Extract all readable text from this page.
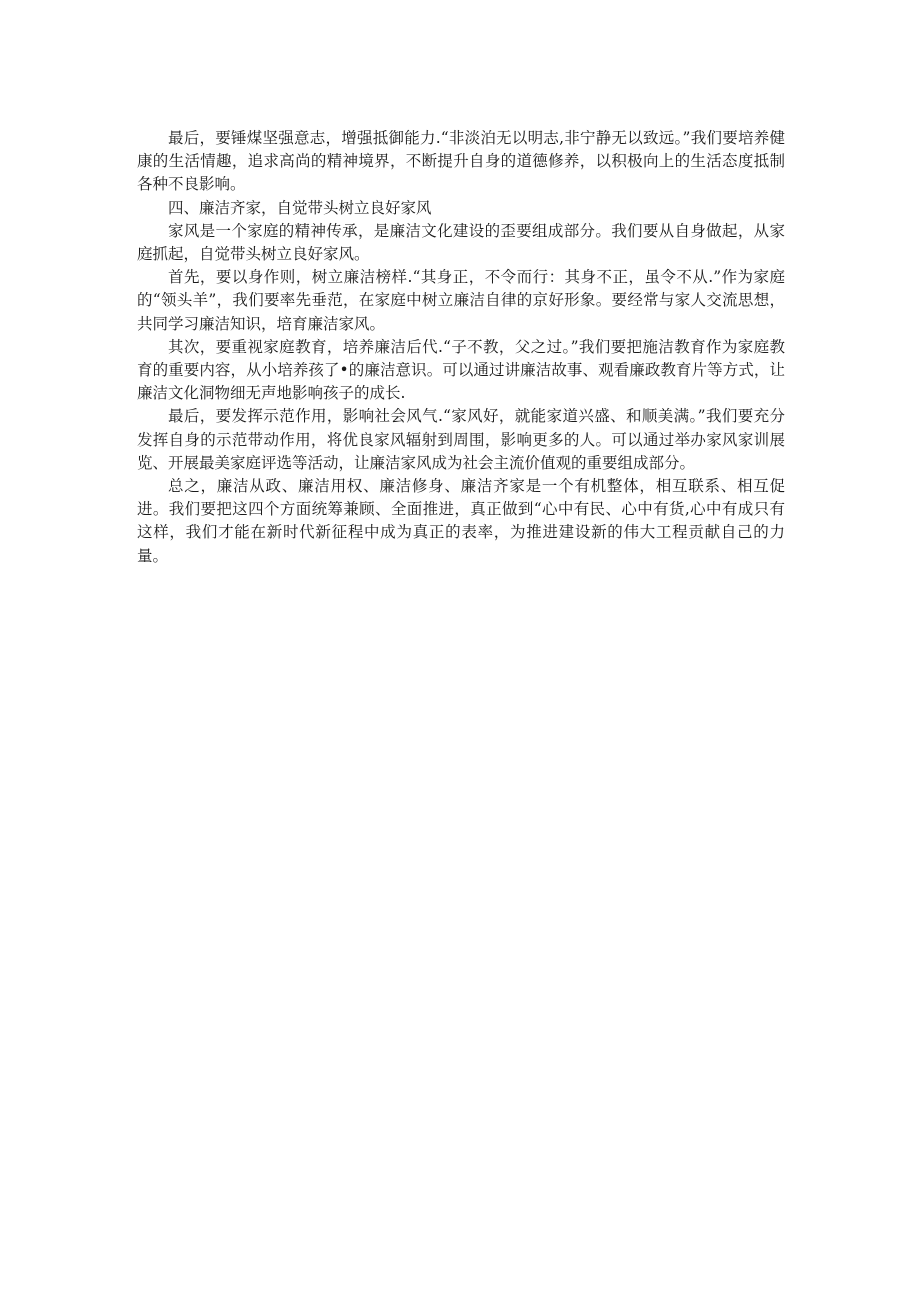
最后，要锤煤坚强意志，增强抵御能力.“非淡泊无以明志,非宁静无以致远。”我们要培养健康的生活情趣，追求高尚的精神境界，不断提升自身的道德修养，以积极向上的生活态度抵制各种不良影响。

四、廉洁齐家，自觉带头树立良好家风

家风是一个家庭的精神传承，是廉洁文化建设的歪要组成部分。我们要从自身做起，从家庭抓起，自觉带头树立良好家风。

首先，要以身作则，树立廉洁榜样.“其身正，不令而行：其身不正，虽令不从.”作为家庭的“领头羊”，我们要率先垂范，在家庭中树立廉洁自律的京好形象。要经常与家人交流思想，共同学习廉洁知识，培育廉洁家风。

其次，要重视家庭教育，培养廉洁后代.“子不教，父之过。”我们要把施洁教育作为家庭教育的重要内容，从小培养孩了•的廉洁意识。可以通过讲廉洁故事、观看廉政教育片等方式，让廉洁文化洞物细无声地影响孩子的成长.

最后，要发挥示范作用，影响社会风气.“家风好，就能家道兴盛、和顺美满。”我们要充分发挥自身的示范带动作用，将优良家风辐射到周围，影响更多的人。可以通过举办家风家训展览、开展最美家庭评选等活动，让廉洁家风成为社会主流价值观的重要组成部分。

总之，廉洁从政、廉洁用权、廉洁修身、廉洁齐家是一个有机整体，相互联系、相互促进。我们要把这四个方面统筹兼顾、全面推进，真正做到“心中有民、心中有货,心中有成只有这样，我们才能在新时代新征程中成为真正的表率，为推进建设新的伟大工程贡献自己的力量。
